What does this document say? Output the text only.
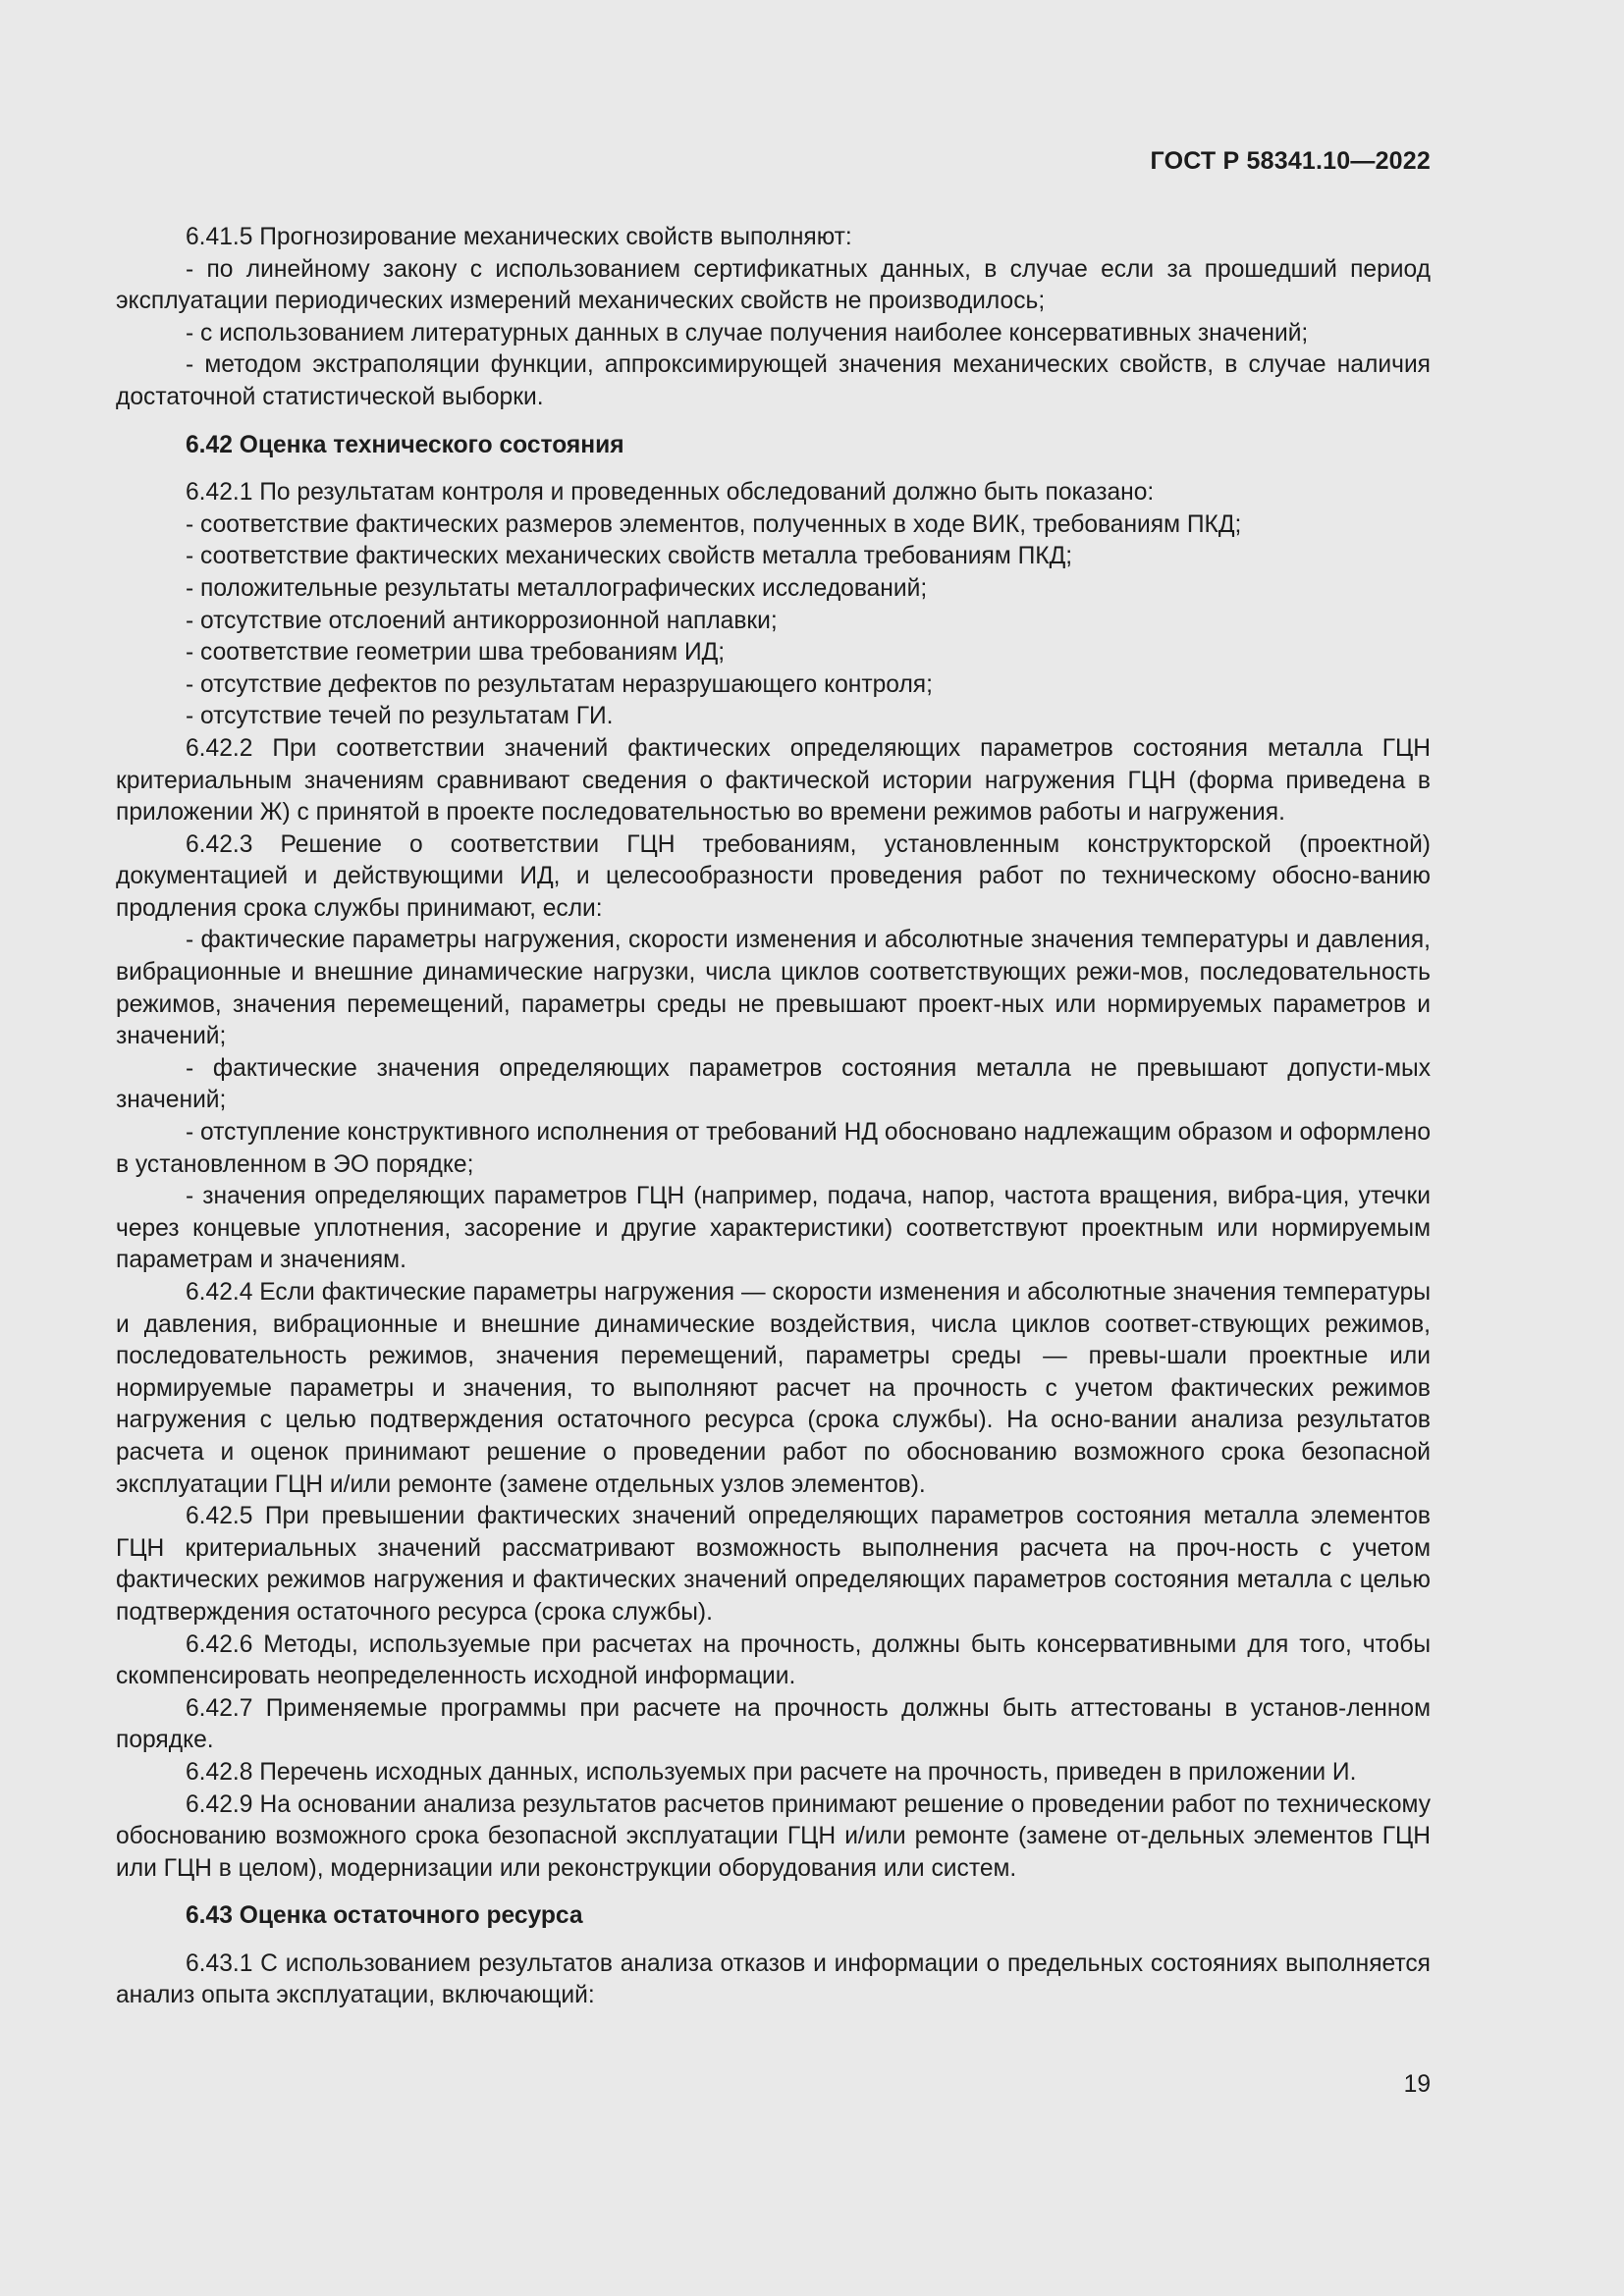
ГОСТ Р 58341.10—2022

6.41.5 Прогнозирование механических свойств выполняют:

- по линейному закону с использованием сертификатных данных, в случае если за прошедший период эксплуатации периодических измерений механических свойств не производилось;

- с использованием литературных данных в случае получения наиболее консервативных значений;

- методом экстраполяции функции, аппроксимирующей значения механических свойств, в случае наличия достаточной статистической выборки.

6.42 Оценка технического состояния

6.42.1 По результатам контроля и проведенных обследований должно быть показано:

- соответствие фактических размеров элементов, полученных в ходе ВИК, требованиям ПКД;

- соответствие фактических механических свойств металла требованиям ПКД;

- положительные результаты металлографических исследований;

- отсутствие отслоений антикоррозионной наплавки;

- соответствие геометрии шва требованиям ИД;

- отсутствие дефектов по результатам неразрушающего контроля;

- отсутствие течей по результатам ГИ.

6.42.2 При соответствии значений фактических определяющих параметров состояния металла ГЦН критериальным значениям сравнивают сведения о фактической истории нагружения ГЦН (форма приведена в приложении Ж) с принятой в проекте последовательностью во времени режимов работы и нагружения.

6.42.3 Решение о соответствии ГЦН требованиям, установленным конструкторской (проектной) документацией и действующими ИД, и целесообразности проведения работ по техническому обосно-ванию продления срока службы принимают, если:

- фактические параметры нагружения, скорости изменения и абсолютные значения температуры и давления, вибрационные и внешние динамические нагрузки, числа циклов соответствующих режи-мов, последовательность режимов, значения перемещений, параметры среды не превышают проект-ных или нормируемых параметров и значений;

- фактические значения определяющих параметров состояния металла не превышают допусти-мых значений;

- отступление конструктивного исполнения от требований НД обосновано надлежащим образом и оформлено в установленном в ЭО порядке;

- значения определяющих параметров ГЦН (например, подача, напор, частота вращения, вибра-ция, утечки через концевые уплотнения, засорение и другие характеристики) соответствуют проектным или нормируемым параметрам и значениям.

6.42.4 Если фактические параметры нагружения — скорости изменения и абсолютные значения температуры и давления, вибрационные и внешние динамические воздействия, числа циклов соответ-ствующих режимов, последовательность режимов, значения перемещений, параметры среды — превы-шали проектные или нормируемые параметры и значения, то выполняют расчет на прочность с учетом фактических режимов нагружения с целью подтверждения остаточного ресурса (срока службы). На осно-вании анализа результатов расчета и оценок принимают решение о проведении работ по обоснованию возможного срока безопасной эксплуатации ГЦН и/или ремонте (замене отдельных узлов элементов).

6.42.5 При превышении фактических значений определяющих параметров состояния металла элементов ГЦН критериальных значений рассматривают возможность выполнения расчета на проч-ность с учетом фактических режимов нагружения и фактических значений определяющих параметров состояния металла с целью подтверждения остаточного ресурса (срока службы).

6.42.6 Методы, используемые при расчетах на прочность, должны быть консервативными для того, чтобы скомпенсировать неопределенность исходной информации.

6.42.7 Применяемые программы при расчете на прочность должны быть аттестованы в установ-ленном порядке.

6.42.8 Перечень исходных данных, используемых при расчете на прочность, приведен в приложении И.

6.42.9 На основании анализа результатов расчетов принимают решение о проведении работ по техническому обоснованию возможного срока безопасной эксплуатации ГЦН и/или ремонте (замене от-дельных элементов ГЦН или ГЦН в целом), модернизации или реконструкции оборудования или систем.

6.43 Оценка остаточного ресурса

6.43.1 С использованием результатов анализа отказов и информации о предельных состояниях выполняется анализ опыта эксплуатации, включающий:

19
